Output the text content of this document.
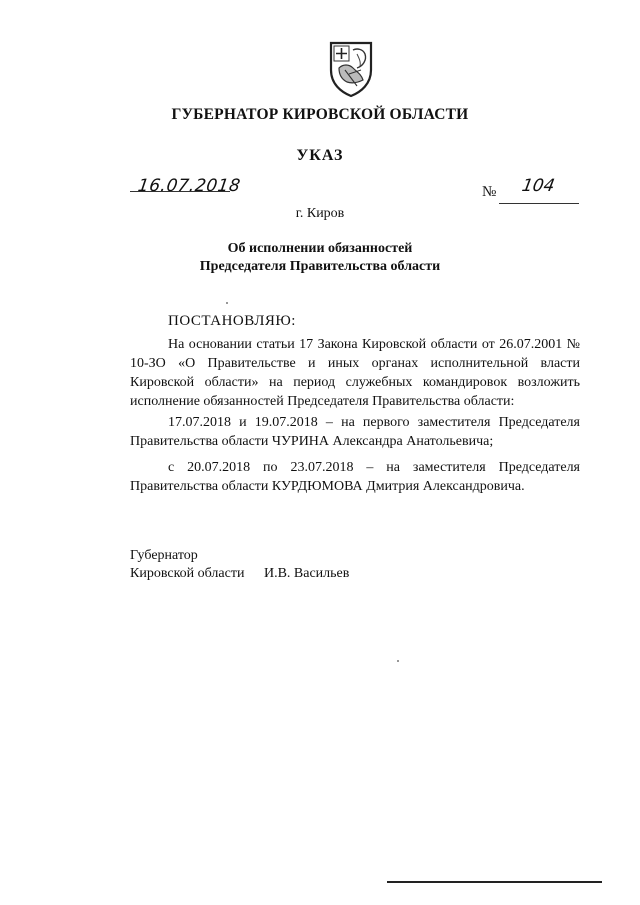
ГУБЕРНАТОР КИРОВСКОЙ ОБЛАСТИ
УКАЗ
16.07.2018	№ 104
г. Киров
Об исполнении обязанностей
Председателя Правительства области
ПОСТАНОВЛЯЮ:
На основании статьи 17 Закона Кировской области от 26.07.2001 № 10-ЗО «О Правительстве и иных органах исполнительной власти Кировской области» на период служебных командировок возложить исполнение обязанностей Председателя Правительства области:
17.07.2018 и 19.07.2018 – на первого заместителя Председателя Правительства области ЧУРИНА Александра Анатольевича;
с 20.07.2018 по 23.07.2018 – на заместителя Председателя Правительства области КУРДЮМОВА Дмитрия Александровича.
Губернатор
Кировской области И.В. Васильев
